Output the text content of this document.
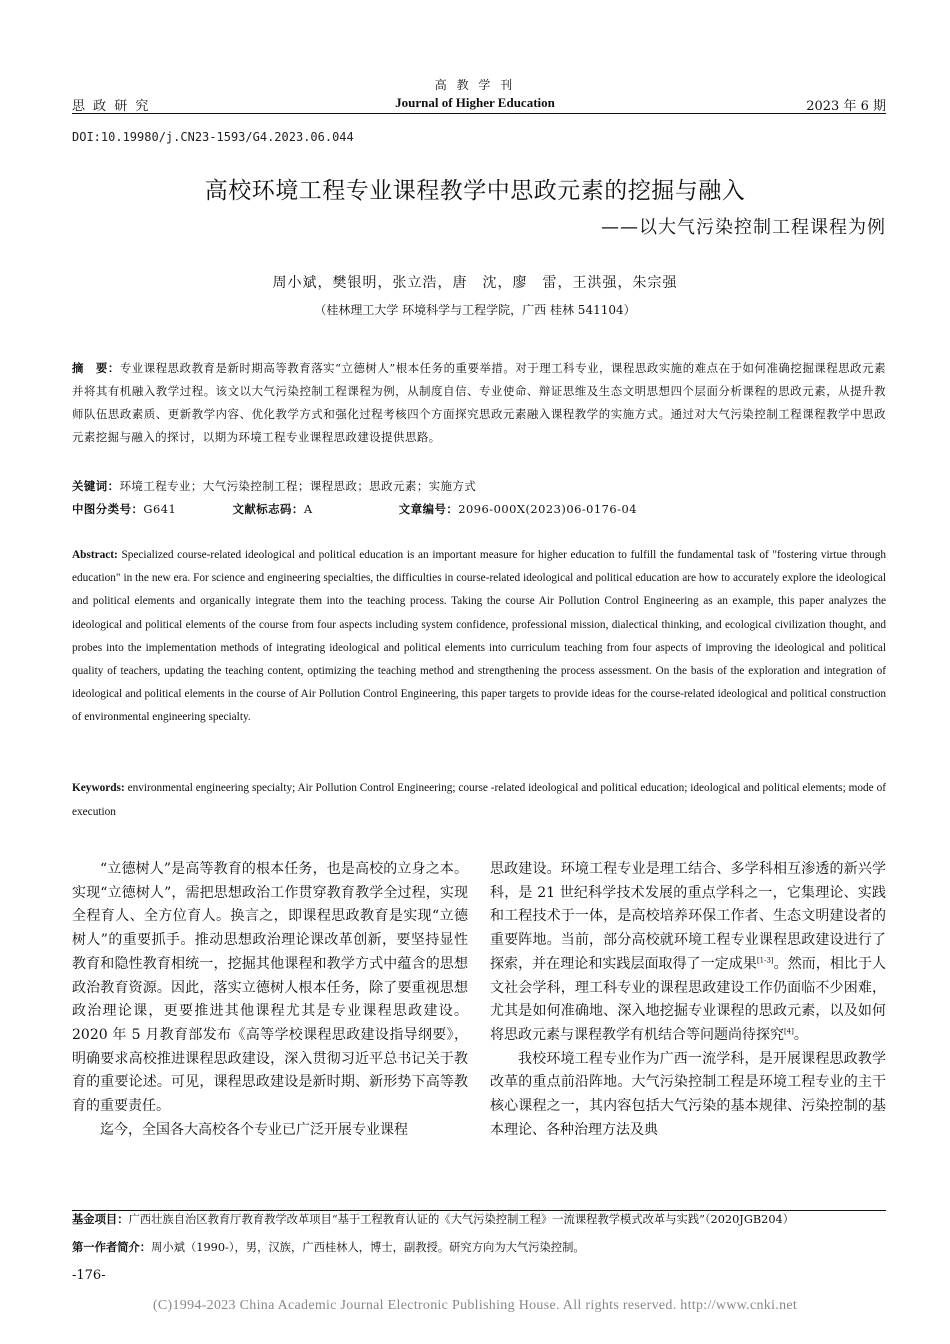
高 教 学 刊
Journal of Higher Education
思 政 研 究	2023 年 6 期
DOI:10.19980/j.CN23-1593/G4.2023.06.044
高校环境工程专业课程教学中思政元素的挖掘与融入
——以大气污染控制工程课程为例
周小斌，樊银明，张立浩，唐　沈，廖　雷，王洪强，朱宗强
（桂林理工大学 环境科学与工程学院，广西 桂林 541104）
摘　要：专业课程思政教育是新时期高等教育落实“立德树人”根本任务的重要举措。对于理工科专业，课程思政实施的难点在于如何准确挖掘课程思政元素并将其有机融入教学过程。该文以大气污染控制工程课程为例，从制度自信、专业使命、辩证思维及生态文明思想四个层面分析课程的思政元素，从提升教师队伍思政素质、更新教学内容、优化教学方式和强化过程考核四个方面探究思政元素融入课程教学的实施方式。通过对大气污染控制工程课程教学中思政元素挖掘与融入的探讨，以期为环境工程专业课程思政建设提供思路。
关键词：环境工程专业；大气污染控制工程；课程思政；思政元素；实施方式
中图分类号：G641	文献标志码：A	文章编号：2096-000X(2023)06-0176-04
Abstract: Specialized course-related ideological and political education is an important measure for higher education to fulfill the fundamental task of "fostering virtue through education" in the new era. For science and engineering specialties, the difficulties in course-related ideological and political education are how to accurately explore the ideological and political elements and organically integrate them into the teaching process. Taking the course Air Pollution Control Engineering as an example, this paper analyzes the ideological and political elements of the course from four aspects including system confidence, professional mission, dialectical thinking, and ecological civilization thought, and probes into the implementation methods of integrating ideological and political elements into curriculum teaching from four aspects of improving the ideological and political quality of teachers, updating the teaching content, optimizing the teaching method and strengthening the process assessment. On the basis of the exploration and integration of ideological and political elements in the course of Air Pollution Control Engineering, this paper targets to provide ideas for the course-related ideological and political construction of environmental engineering specialty.
Keywords: environmental engineering specialty; Air Pollution Control Engineering; course -related ideological and political education; ideological and political elements; mode of execution

“立德树人”是高等教育的根本任务，也是高校的立身之本。实现“立德树人”，需把思想政治工作贯穿教育教学全过程，实现全程育人、全方位育人。换言之，即课程思政教育是实现“立德树人”的重要抓手。推动思想政治理论课改革创新，要坚持显性教育和隐性教育相统一，挖掘其他课程和教学方式中蕴含的思想政治教育资源。因此，落实立德树人根本任务，除了要重视思想政治理论课，更要推进其他课程尤其是专业课程思政建设。2020 年 5 月教育部发布《高等学校课程思政建设指导纲要》，明确要求高校推进课程思政建设，深入贯彻习近平总书记关于教育的重要论述。可见，课程思政建设是新时期、新形势下高等教育的重要责任。

迄今，全国各大高校各个专业已广泛开展专业课程

思政建设。环境工程专业是理工结合、多学科相互渗透的新兴学科，是 21 世纪科学技术发展的重点学科之一，它集理论、实践和工程技术于一体，是高校培养环保工作者、生态文明建设者的重要阵地。当前，部分高校就环境工程专业课程思政建设进行了探索，并在理论和实践层面取得了一定成果[1-3]。然而，相比于人文社会学科，理工科专业的课程思政建设工作仍面临不少困难，尤其是如何准确地、深入地挖掘专业课程的思政元素，以及如何将思政元素与课程教学有机结合等问题尚待探究[4]。

我校环境工程专业作为广西一流学科，是开展课程思政教学改革的重点前沿阵地。大气污染控制工程是环境工程专业的主干核心课程之一，其内容包括大气污染的基本规律、污染控制的基本理论、各种治理方法及典

基金项目：广西壮族自治区教育厅教育教学改革项目“基于工程教育认证的《大气污染控制工程》一流课程教学模式改革与实践”（2020JGB204）
第一作者简介：周小斌（1990-），男，汉族，广西桂林人，博士，副教授。研究方向为大气污染控制。
-176-
(C)1994-2023 China Academic Journal Electronic Publishing House. All rights reserved. http://www.cnki.net
